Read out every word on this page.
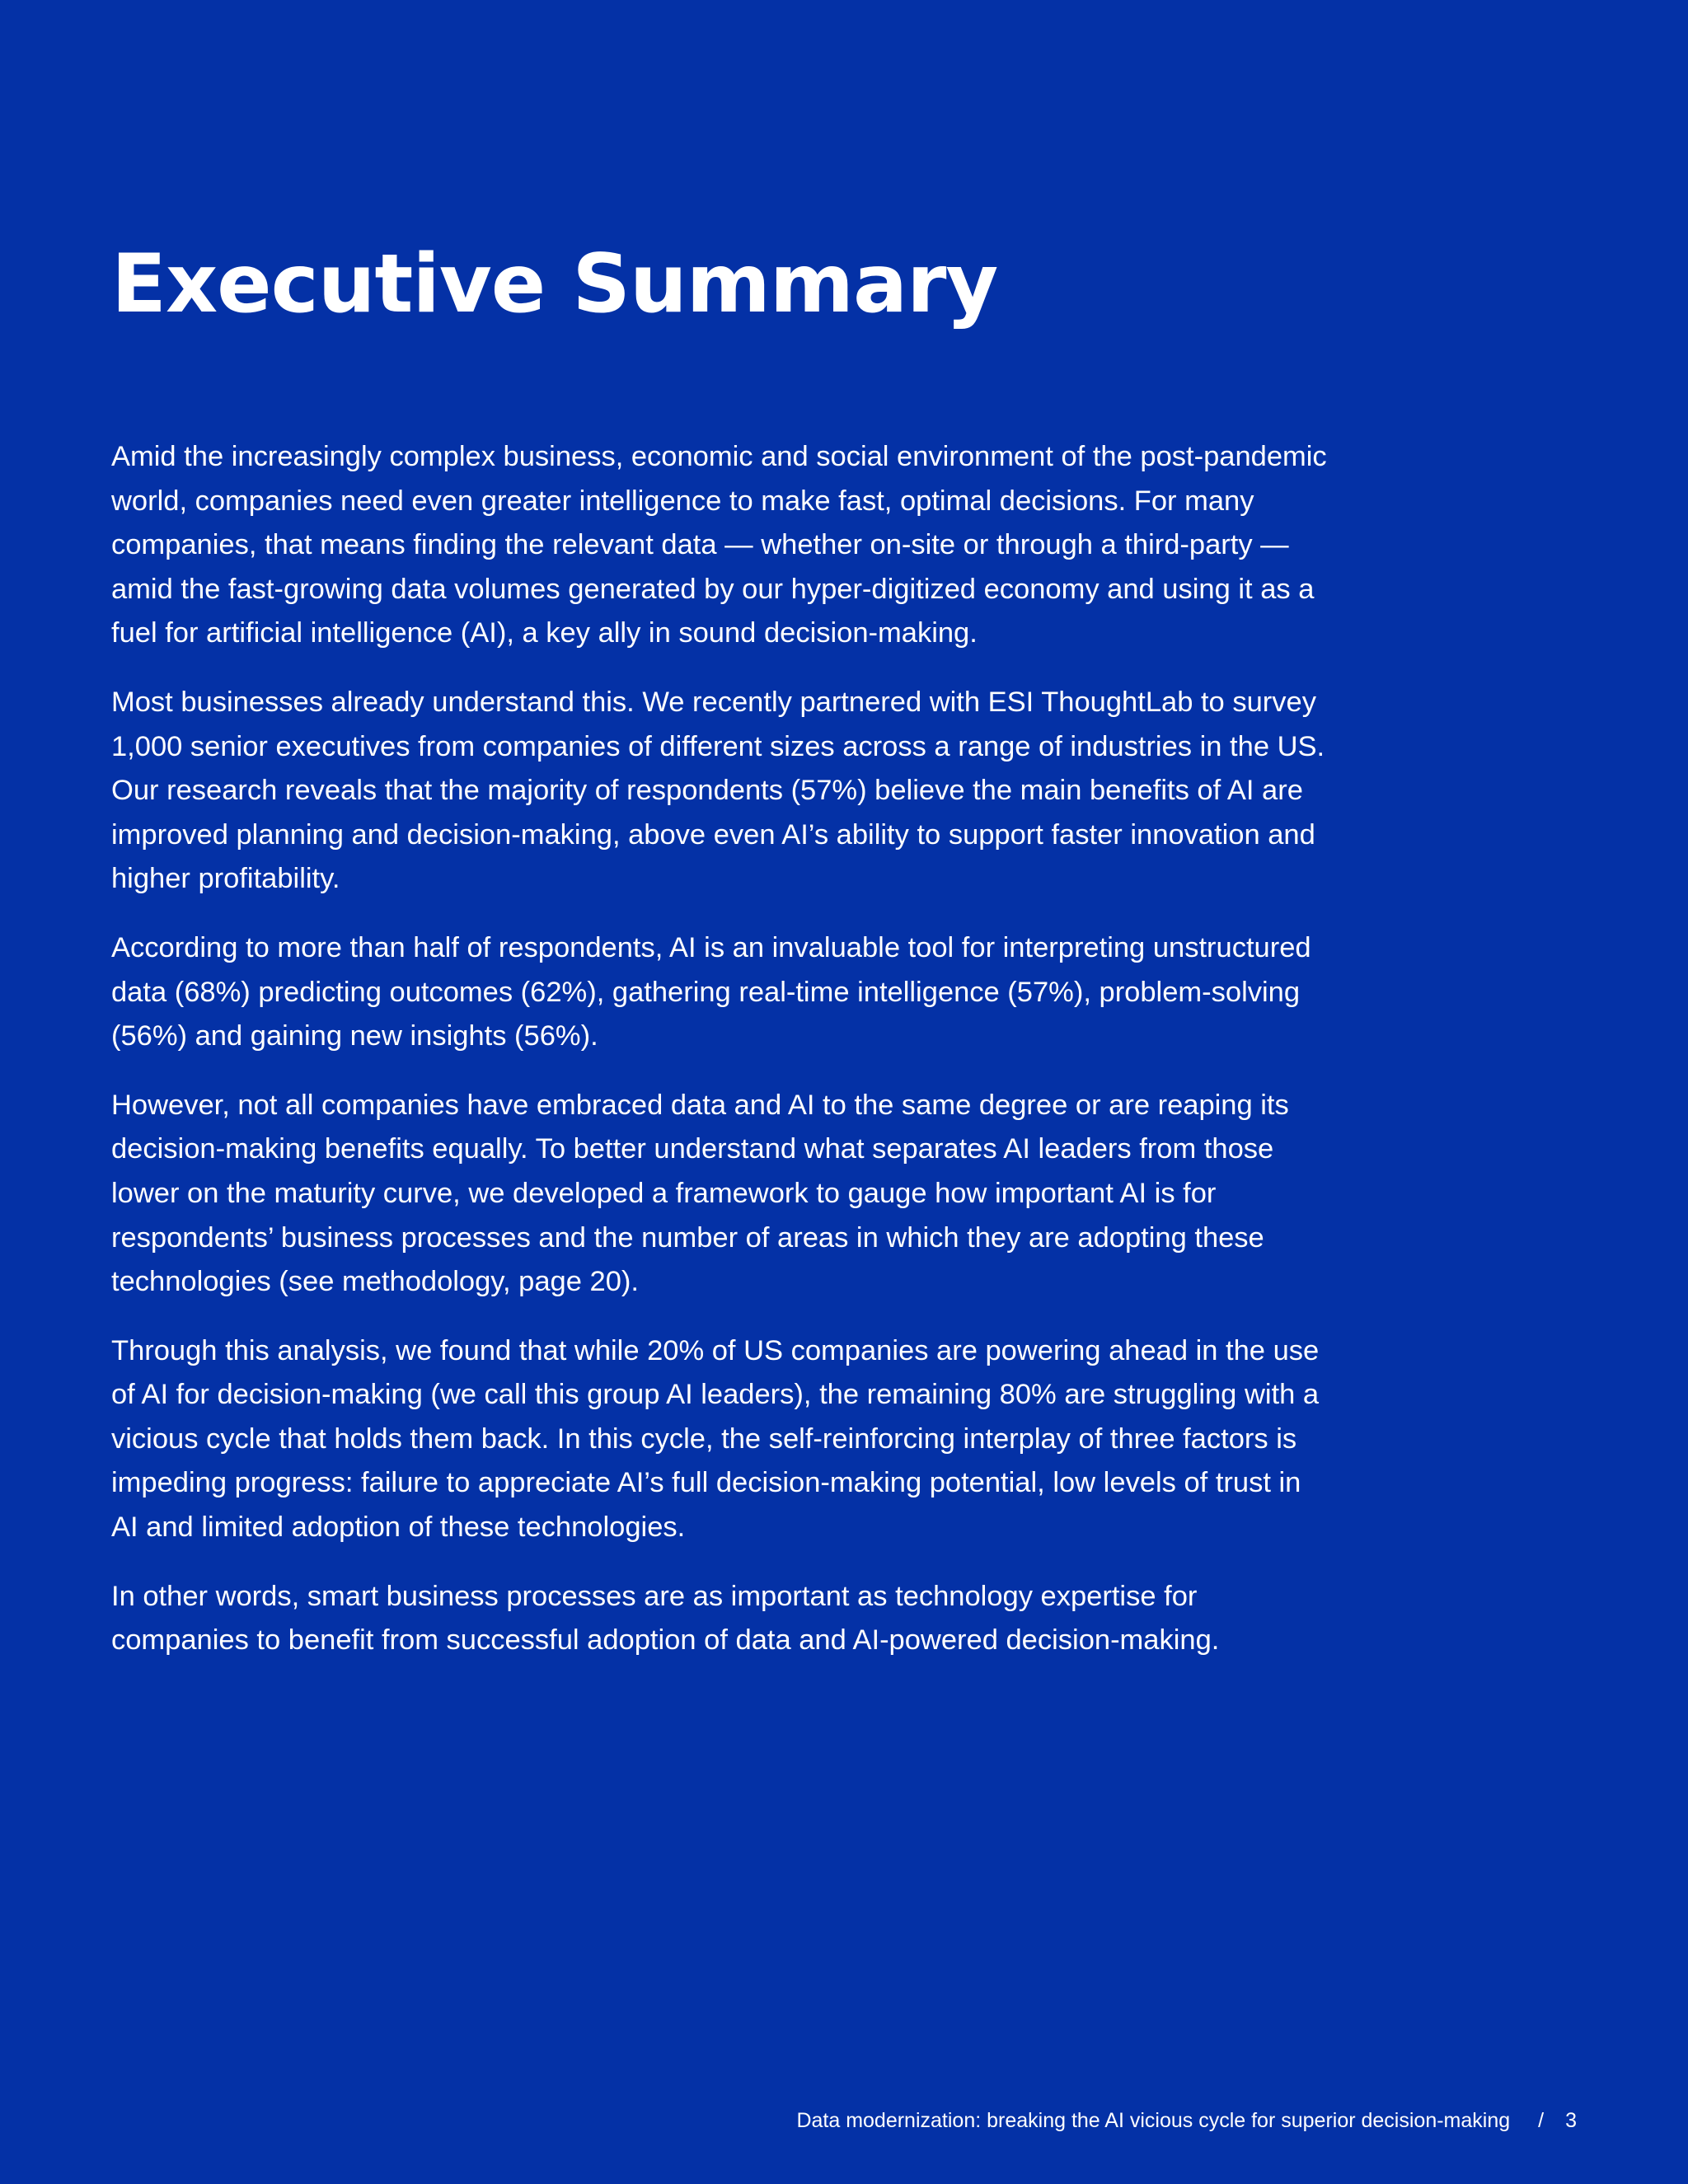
Executive Summary

Amid the increasingly complex business, economic and social environment of the post-pandemic world, companies need even greater intelligence to make fast, optimal decisions. For many companies, that means finding the relevant data — whether on-site or through a third-party — amid the fast-growing data volumes generated by our hyper-digitized economy and using it as a fuel for artificial intelligence (AI), a key ally in sound decision-making.

Most businesses already understand this. We recently partnered with ESI ThoughtLab to survey 1,000 senior executives from companies of different sizes across a range of industries in the US. Our research reveals that the majority of respondents (57%) believe the main benefits of AI are improved planning and decision-making, above even AI’s ability to support faster innovation and higher profitability.

According to more than half of respondents, AI is an invaluable tool for interpreting unstructured data (68%) predicting outcomes (62%), gathering real-time intelligence (57%), problem-solving (56%) and gaining new insights (56%).

However, not all companies have embraced data and AI to the same degree or are reaping its decision-making benefits equally. To better understand what separates AI leaders from those lower on the maturity curve, we developed a framework to gauge how important AI is for respondents’ business processes and the number of areas in which they are adopting these technologies (see methodology, page 20).

Through this analysis, we found that while 20% of US companies are powering ahead in the use of AI for decision-making (we call this group AI leaders), the remaining 80% are struggling with a vicious cycle that holds them back. In this cycle, the self-reinforcing interplay of three factors is impeding progress: failure to appreciate AI’s full decision-making potential, low levels of trust in AI and limited adoption of these technologies.

In other words, smart business processes are as important as technology expertise for companies to benefit from successful adoption of data and AI-powered decision-making.

Data modernization: breaking the AI vicious cycle for superior decision-making / 3
